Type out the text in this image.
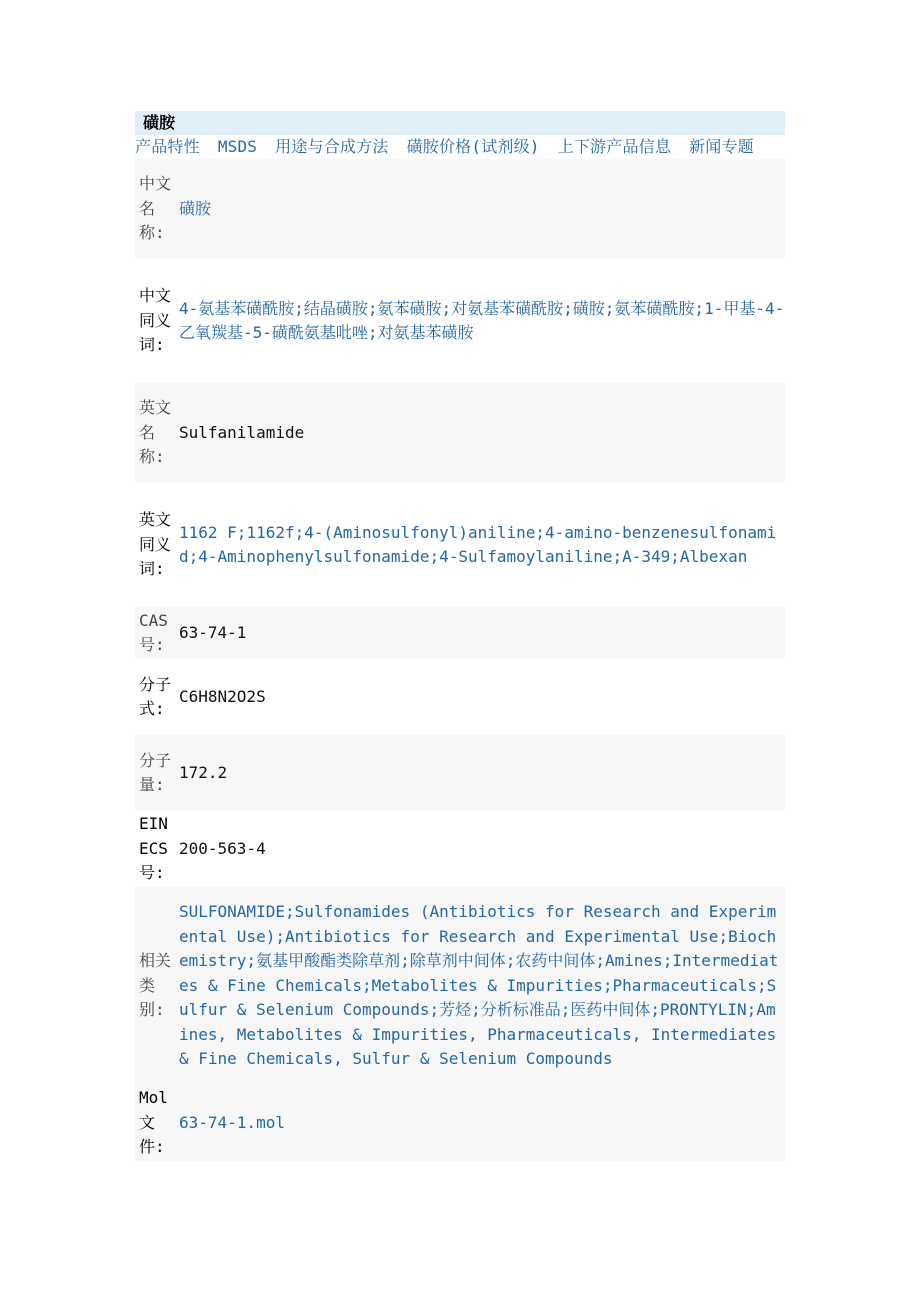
磺胺
产品特性 MSDS 用途与合成方法 磺胺价格(试剂级) 上下游产品信息 新闻专题
中文名称:
磺胺
中文同义词:
4-氨基苯磺酰胺;结晶磺胺;氨苯磺胺;对氨基苯磺酰胺;磺胺;氨苯磺酰胺;1-甲基-4-乙氧羰基-5-磺酰氨基吡唑;对氨基苯磺胺
英文名称:
Sulfanilamide
英文同义词:
1162 F;1162f;4-(Aminosulfonyl)aniline;4-amino-benzenesulfonamid;4-Aminophenylsulfonamide;4-Sulfamoylaniline;A-349;Albexan
CAS号:
63-74-1
分子式:
C6H8N2O2S
分子量:
172.2
EINECS号:
200-563-4
相关类别:
SULFONAMIDE;Sulfonamides (Antibiotics for Research and Experimental Use);Antibiotics for Research and Experimental Use;Biochemistry;氨基甲酸酯类除草剂;除草剂中间体;农药中间体;Amines;Intermediates & Fine Chemicals;Metabolites & Impurities;Pharmaceuticals;Sulfur & Selenium Compounds;芳烃;分析标准品;医药中间体;PRONTYLIN;Amines, Metabolites & Impurities, Pharmaceuticals, Intermediates & Fine Chemicals, Sulfur & Selenium Compounds
Mol文件:
63-74-1.mol
